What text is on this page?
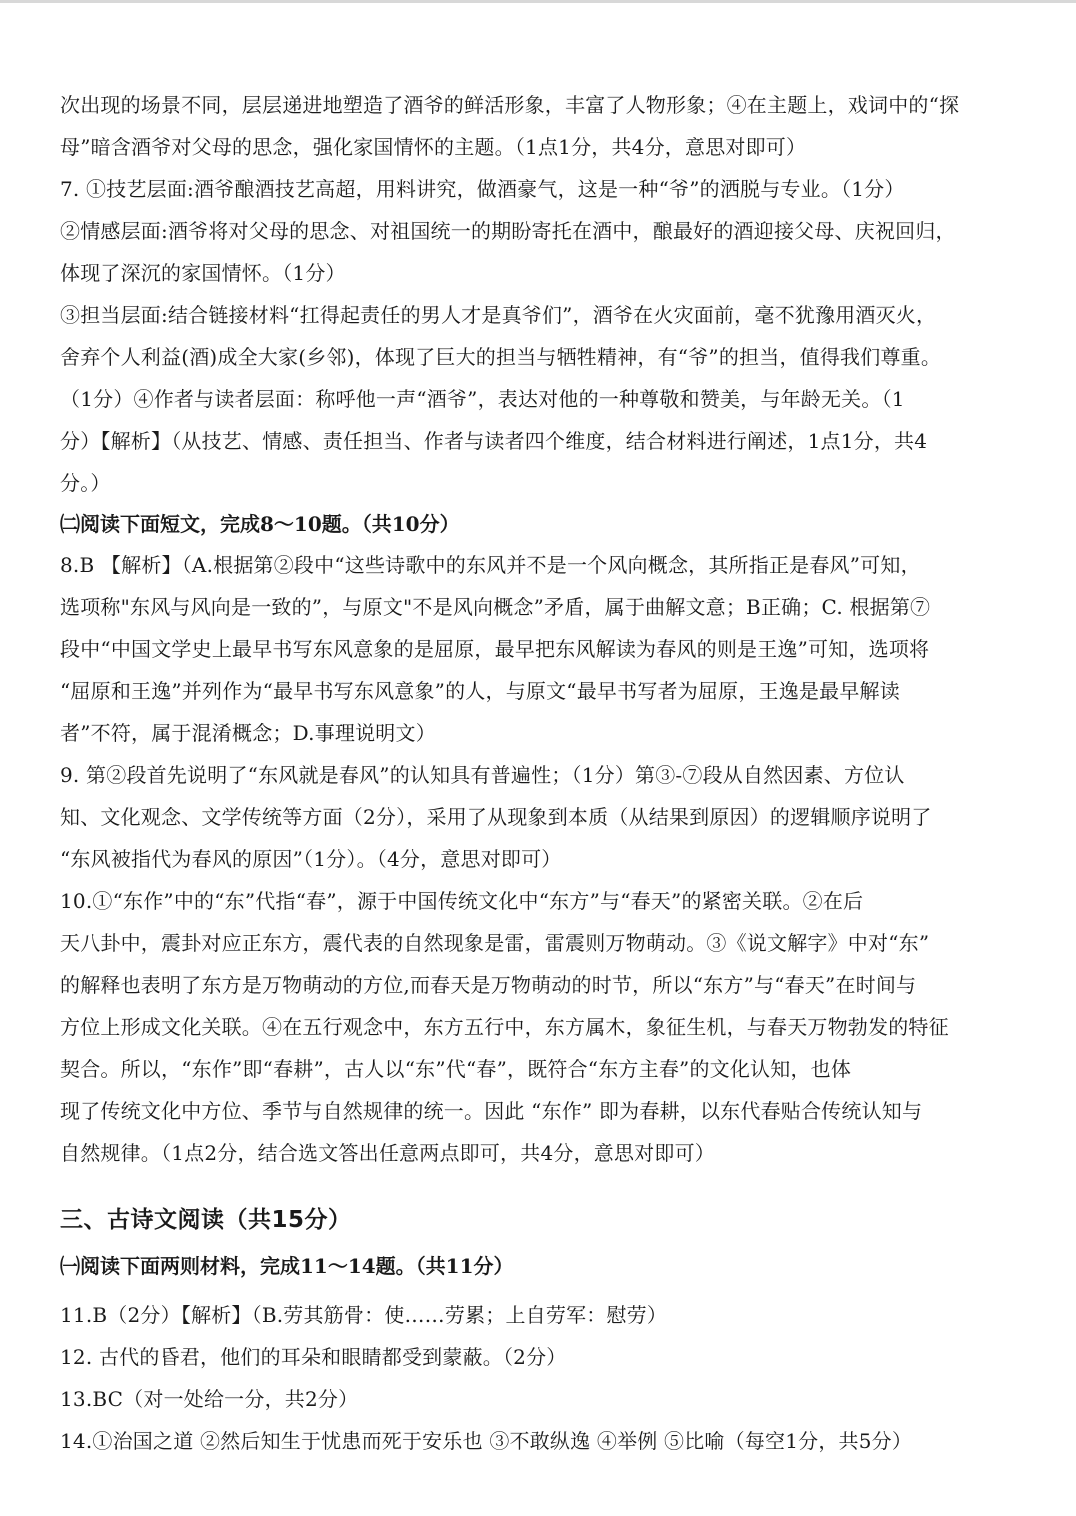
次出现的场景不同，层层递进地塑造了酒爷的鲜活形象，丰富了人物形象；④在主题上，戏词中的“探
母”暗含酒爷对父母的思念，强化家国情怀的主题。（1点1分，共4分，意思对即可）
7. ①技艺层面:酒爷酿酒技艺高超，用料讲究，做酒豪气，这是一种“爷”的洒脱与专业。（1分）
②情感层面:酒爷将对父母的思念、对祖国统一的期盼寄托在酒中，酿最好的酒迎接父母、庆祝回归，
体现了深沉的家国情怀。（1分）
③担当层面:结合链接材料“扛得起责任的男人才是真爷们”，酒爷在火灾面前，毫不犹豫用酒灭火，
舍弃个人利益(酒)成全大家(乡邻)，体现了巨大的担当与牺牲精神，有“爷”的担当，值得我们尊重。
（1分）④作者与读者层面：称呼他一声“酒爷”，表达对他的一种尊敬和赞美，与年龄无关。（1
分）【解析】（从技艺、情感、责任担当、作者与读者四个维度，结合材料进行阐述，1点1分，共4
分。）
㈡阅读下面短文，完成8～10题。（共10分）
8.B 【解析】（A.根据第②段中“这些诗歌中的东风并不是一个风向概念，其所指正是春风”可知，
选项称"东风与风向是一致的”，与原文"不是风向概念”矛盾，属于曲解文意；B正确；C. 根据第⑦
段中“中国文学史上最早书写东风意象的是屈原，最早把东风解读为春风的则是王逸”可知，选项将
“屈原和王逸”并列作为“最早书写东风意象”的人，与原文“最早书写者为屈原，王逸是最早解读
者”不符，属于混淆概念；D.事理说明文）
9. 第②段首先说明了“东风就是春风”的认知具有普遍性；（1分）第③-⑦段从自然因素、方位认
知、文化观念、文学传统等方面（2分），采用了从现象到本质（从结果到原因）的逻辑顺序说明了
“东风被指代为春风的原因”（1分）。（4分，意思对即可）
10.①“东作”中的“东”代指“春”，源于中国传统文化中“东方”与“春天”的紧密关联。②在后
天八卦中，震卦对应正东方，震代表的自然现象是雷，雷震则万物萌动。③《说文解字》中对“东”
的解释也表明了东方是万物萌动的方位,而春天是万物萌动的时节，所以“东方”与“春天”在时间与
方位上形成文化关联。④在五行观念中，东方五行中，东方属木，象征生机，与春天万物勃发的特征
契合。所以，“东作”即“春耕”，古人以“东”代“春”，既符合“东方主春”的文化认知，也体
现了传统文化中方位、季节与自然规律的统一。因此 “东作” 即为春耕，以东代春贴合传统认知与
自然规律。（1点2分，结合选文答出任意两点即可，共4分，意思对即可）
三、古诗文阅读（共15分）
㈠阅读下面两则材料，完成11～14题。（共11分）
11.B（2分）【解析】（B.劳其筋骨：使……劳累；上自劳军：慰劳）
12. 古代的昏君，他们的耳朵和眼睛都受到蒙蔽。（2分）
13.BC（对一处给一分，共2分）
14.①治国之道 ②然后知生于忧患而死于安乐也 ③不敢纵逸 ④举例 ⑤比喻（每空1分，共5分）
